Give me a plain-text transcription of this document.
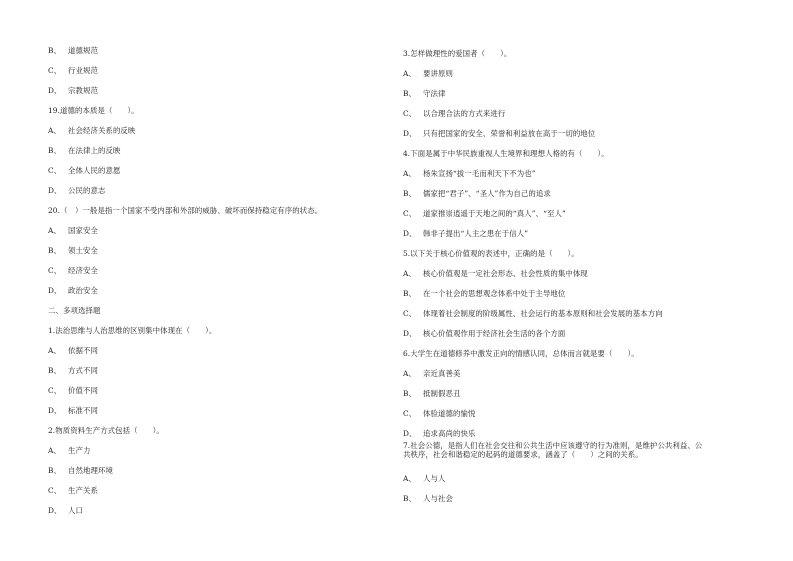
B、 道德规范
C、 行业规范
D、 宗教规范
19.道德的本质是（　　）。
A、 社会经济关系的反映
B、 在法律上的反映
C、 全体人民的意愿
D、 公民的意志
20.（　）一般是指一个国家不受内部和外部的威胁、破坏而保持稳定有序的状态。
A、 国家安全
B、 领土安全
C、 经济安全
D、 政治安全
二、多项选择题
1.法治思维与人治思维的区别集中体现在（　　）。
A、 依据不同
B、 方式不同
C、 价值不同
D、 标准不同
2.物质资料生产方式包括（　　）。
A、 生产力
B、 自然地理环境
C、 生产关系
D、 人口
3.怎样做理性的爱国者（　　）。
A、 要讲原则
B、 守法律
C、 以合理合法的方式来进行
D、 只有把国家的安全、荣誉和利益放在高于一切的地位
4.下面是属于中华民族重视人生境界和理想人格的有（　　）。
A、 杨朱宣扬“拔一毛而利天下不为也”
B、 儒家把“君子”、“圣人”作为自己的追求
C、 道家推崇逍遥于天地之间的“真人”、“至人”
D、 韩非子提出“人主之患在于信人”
5.以下关于核心价值观的表述中，正确的是（　　）。
A、 核心价值观是一定社会形态、社会性质的集中体现
B、 在一个社会的思想观念体系中处于主导地位
C、 体现着社会制度的阶级属性、社会运行的基本原则和社会发展的基本方向
D、 核心价值观作用于经济社会生活的各个方面
6.大学生在道德修养中激发正向的情感认同，总体而言就是要（　　）。
A、 亲近真善美
B、 抵制假恶丑
C、 体验道德的愉悦
D、 追求高尚的快乐
7.社会公德，是指人们在社会交往和公共生活中应该遵守的行为准则，是维护公共利益、公共秩序，社会和谐稳定的起码的道德要求，涵盖了（　　）之间的关系。
A、 人与人
B、 人与社会
